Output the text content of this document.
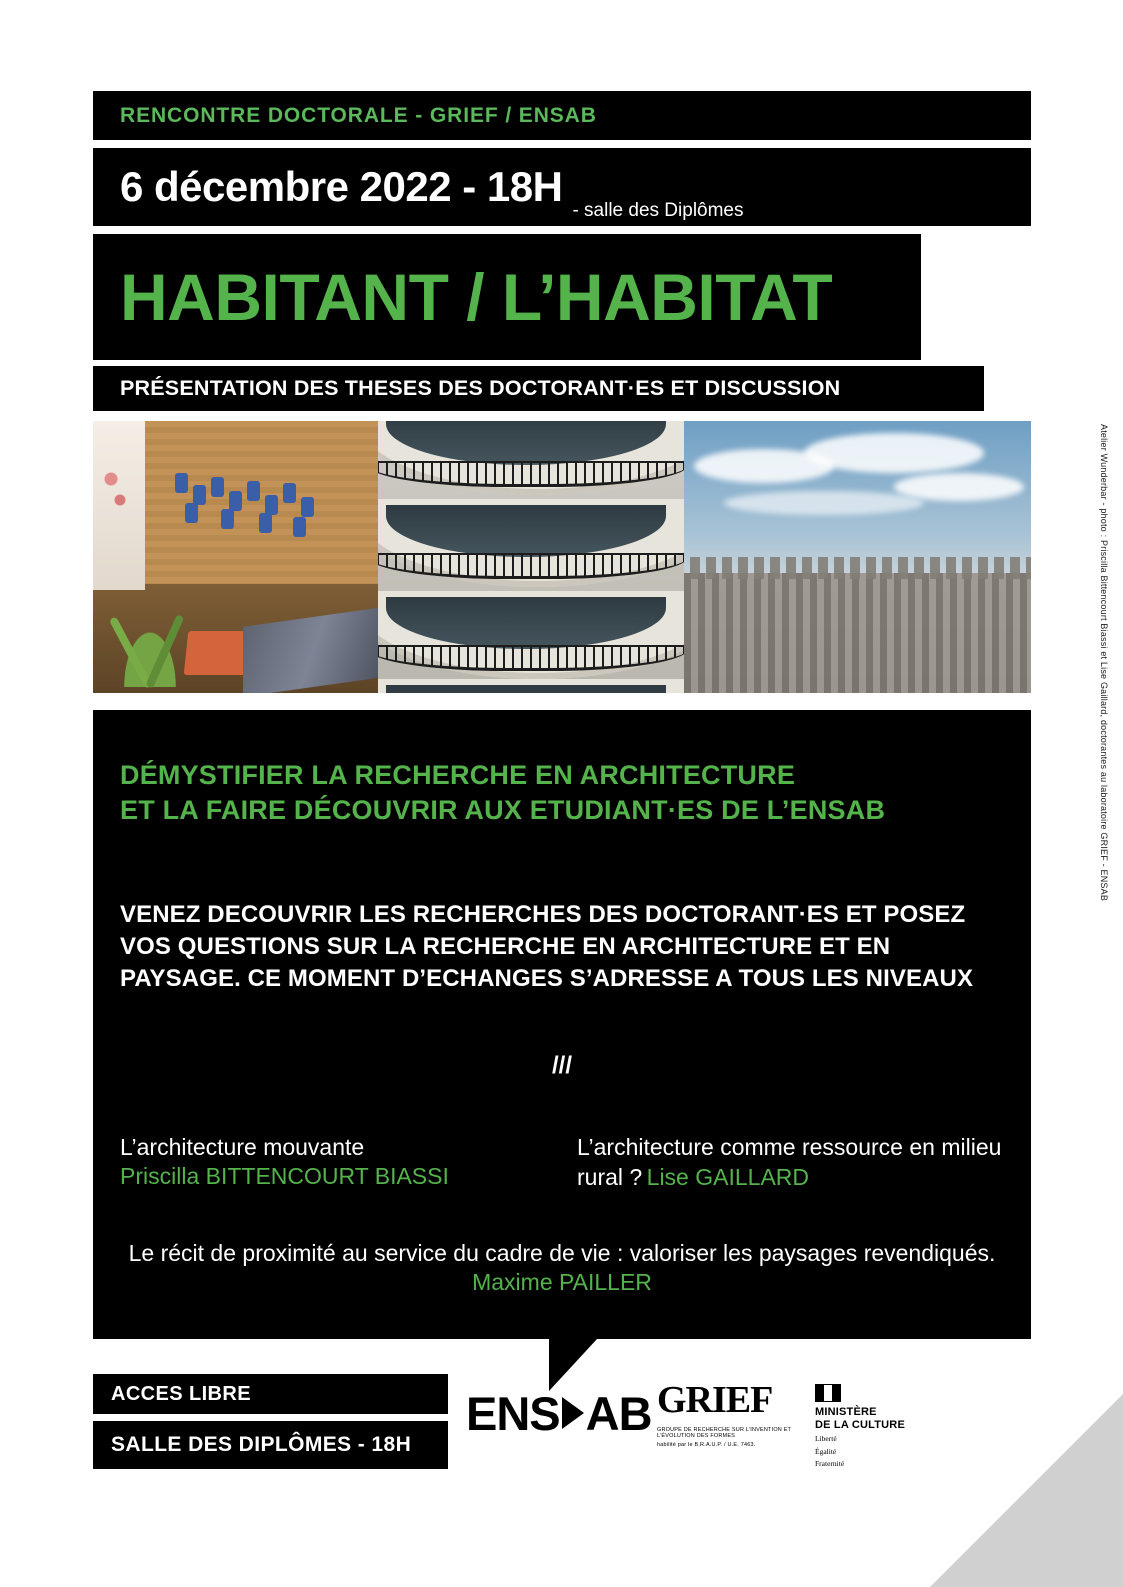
RENCONTRE DOCTORALE - GRIEF / ENSAB
6 décembre 2022 - 18H
- salle des Diplômes
HABITANT / L’HABITAT
PRÉSENTATION DES THESES DES DOCTORANT·ES ET DISCUSSION
Atelier Wunderbar - photo : Priscilla Bittencourt Biassi et Lise Gaillard, doctorantes au laboratoire GRIEF - ENSAB
DÉMYSTIFIER LA RECHERCHE EN ARCHITECTURE
ET LA FAIRE DÉCOUVRIR AUX ETUDIANT·ES DE L’ENSAB
VENEZ DECOUVRIR LES RECHERCHES DES DOCTORANT·ES ET POSEZ
VOS QUESTIONS SUR LA RECHERCHE EN ARCHITECTURE ET EN
PAYSAGE. CE MOMENT D’ECHANGES S’ADRESSE A TOUS LES NIVEAUX
///
L’architecture mouvante
Priscilla BITTENCOURT BIASSI
L’architecture comme ressource en milieu rural ? Lise GAILLARD
Le récit de proximité au service du cadre de vie : valoriser les paysages revendiqués. Maxime PAILLER
ACCES LIBRE
SALLE DES DIPLÔMES - 18H
ENS AB GRIEF
GROUPE DE RECHERCHE SUR L’INVENTION ET L’ÉVOLUTION DES FORMES
habilité par le B.R.A.U.P. / U.E. 7463.
MINISTÈRE
DE LA CULTURE
Liberté
Égalité
Fraternité
